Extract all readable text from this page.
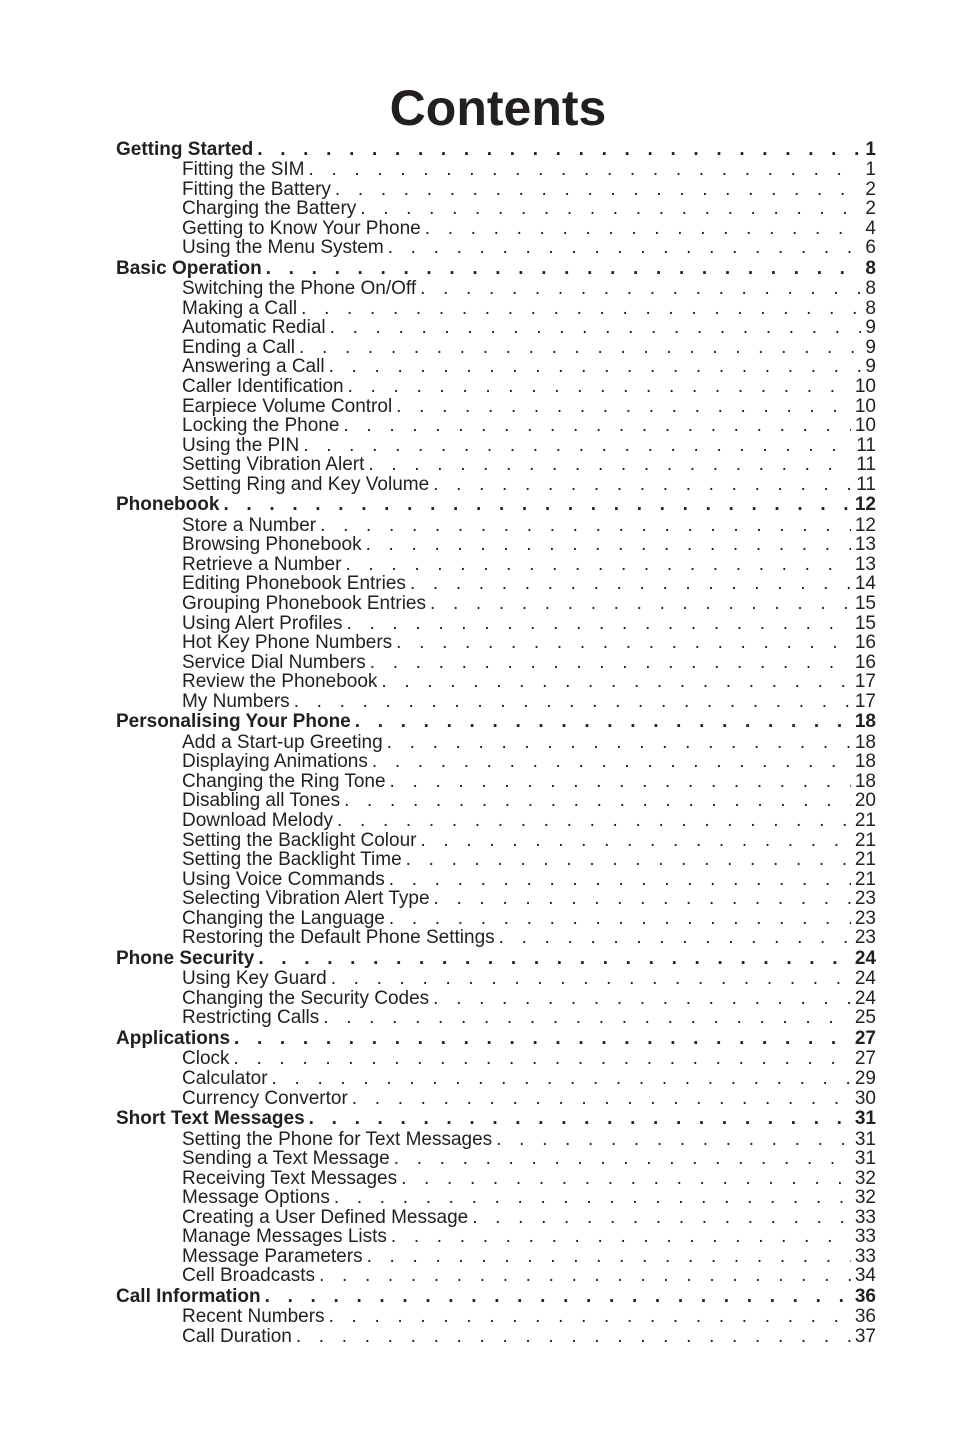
Contents
Getting Started . . .	1
Fitting the SIM . . .	1
Fitting the Battery . . .	2
Charging the Battery . . .	2
Getting to Know Your Phone . . .	4
Using the Menu System . . .	6
Basic Operation . . .	8
Switching the Phone On/Off . . .	8
Making a Call . . .	8
Automatic Redial . . .	9
Ending a Call . . .	9
Answering a Call . . .	9
Caller Identification . . .	10
Earpiece Volume Control . . .	10
Locking the Phone . . .	10
Using the PIN . . .	11
Setting Vibration Alert . . .	11
Setting Ring and Key Volume . . .	11
Phonebook . . .	12
Store a Number . . .	12
Browsing Phonebook . . .	13
Retrieve a Number . . .	13
Editing Phonebook Entries . . .	14
Grouping Phonebook Entries . . .	15
Using Alert Profiles . . .	15
Hot Key Phone Numbers . . .	16
Service Dial Numbers . . .	16
Review the Phonebook . . .	17
My Numbers . . .	17
Personalising Your Phone . . .	18
Add a Start-up Greeting . . .	18
Displaying Animations . . .	18
Changing the Ring Tone . . .	18
Disabling all Tones . . .	20
Download Melody . . .	21
Setting the Backlight Colour . . .	21
Setting the Backlight Time . . .	21
Using Voice Commands . . .	21
Selecting Vibration Alert Type . . .	23
Changing the Language . . .	23
Restoring the Default Phone Settings . . .	23
Phone Security . . .	24
Using Key Guard . . .	24
Changing the Security Codes . . .	24
Restricting Calls . . .	25
Applications . . .	27
Clock . . .	27
Calculator . . .	29
Currency Convertor . . .	30
Short Text Messages . . .	31
Setting the Phone for Text Messages . . .	31
Sending a Text Message . . .	31
Receiving Text Messages . . .	32
Message Options . . .	32
Creating a User Defined Message . . .	33
Manage Messages Lists . . .	33
Message Parameters . . .	33
Cell Broadcasts . . .	34
Call Information . . .	36
Recent Numbers . . .	36
Call Duration . . .	37
